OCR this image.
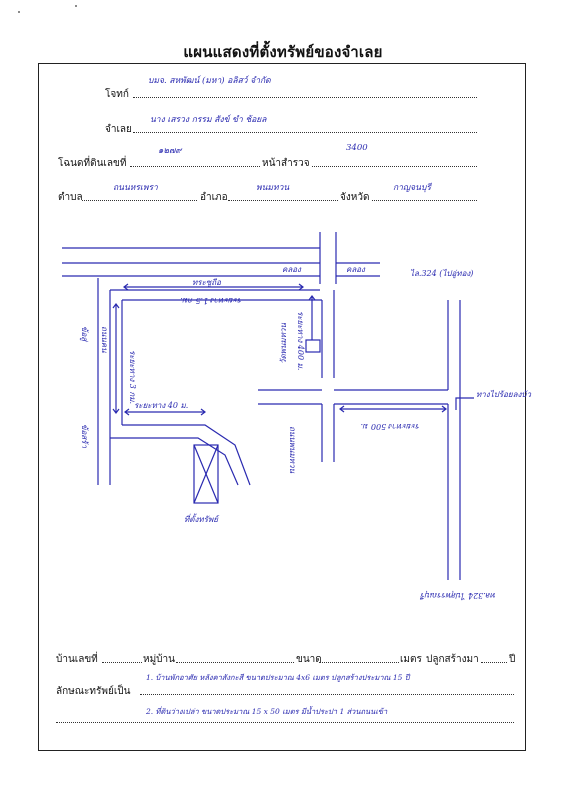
แผนแสดงที่ตั้งทรัพย์ของจำเลย
โจทก์
บมจ. สหพัฒน์ (มหา) อลิสว์ จำกัด
จำเลย
นาง เสรวง กรรม สังข์ ขำ ช้อยล
โฉนดที่ดินเลขที่
๑๒๗๙
หน้าสำรวจ
3400
ตำบล
ถนนหรเพรา
อำเภอ
พนมทวน
จังหวัด
กาญจนบุรี
ทระซูถีอ
คลอง	คลอง	ไล.324 (ไปอู่ทอง)
ระยะทาง 1.5 กม.
ข้อสู่
ข้อสร้า
ถนนคน
ระยะทาง 3 กม.
ระยะทาง 40 ม.
ระยะทาง 400 ม.
วัดพนมทวน
ถนนพนมทวน
ทางไปร้อยลงบ้ว
ระยะทาง 500 ม.
ที่ตั้งทรัพย์
ทล.324 ไปสุพรรณบุรี
บ้านเลขที่	หมู่บ้าน	ขนาด	เมตร ปลูกสร้างมา	ปี
ลักษณะทรัพย์เป็น
1. บ้านพักอาศัย หลังคาสังกะสี ขนาดประมาณ 4x6 เมตร ปลูกสร้างประมาณ 15 ปี
2. ที่ดินว่างเปล่า ขนาดประมาณ 15 x 50 เมตร มีน้ำประปา 1 ส่วนถนนเข้า
